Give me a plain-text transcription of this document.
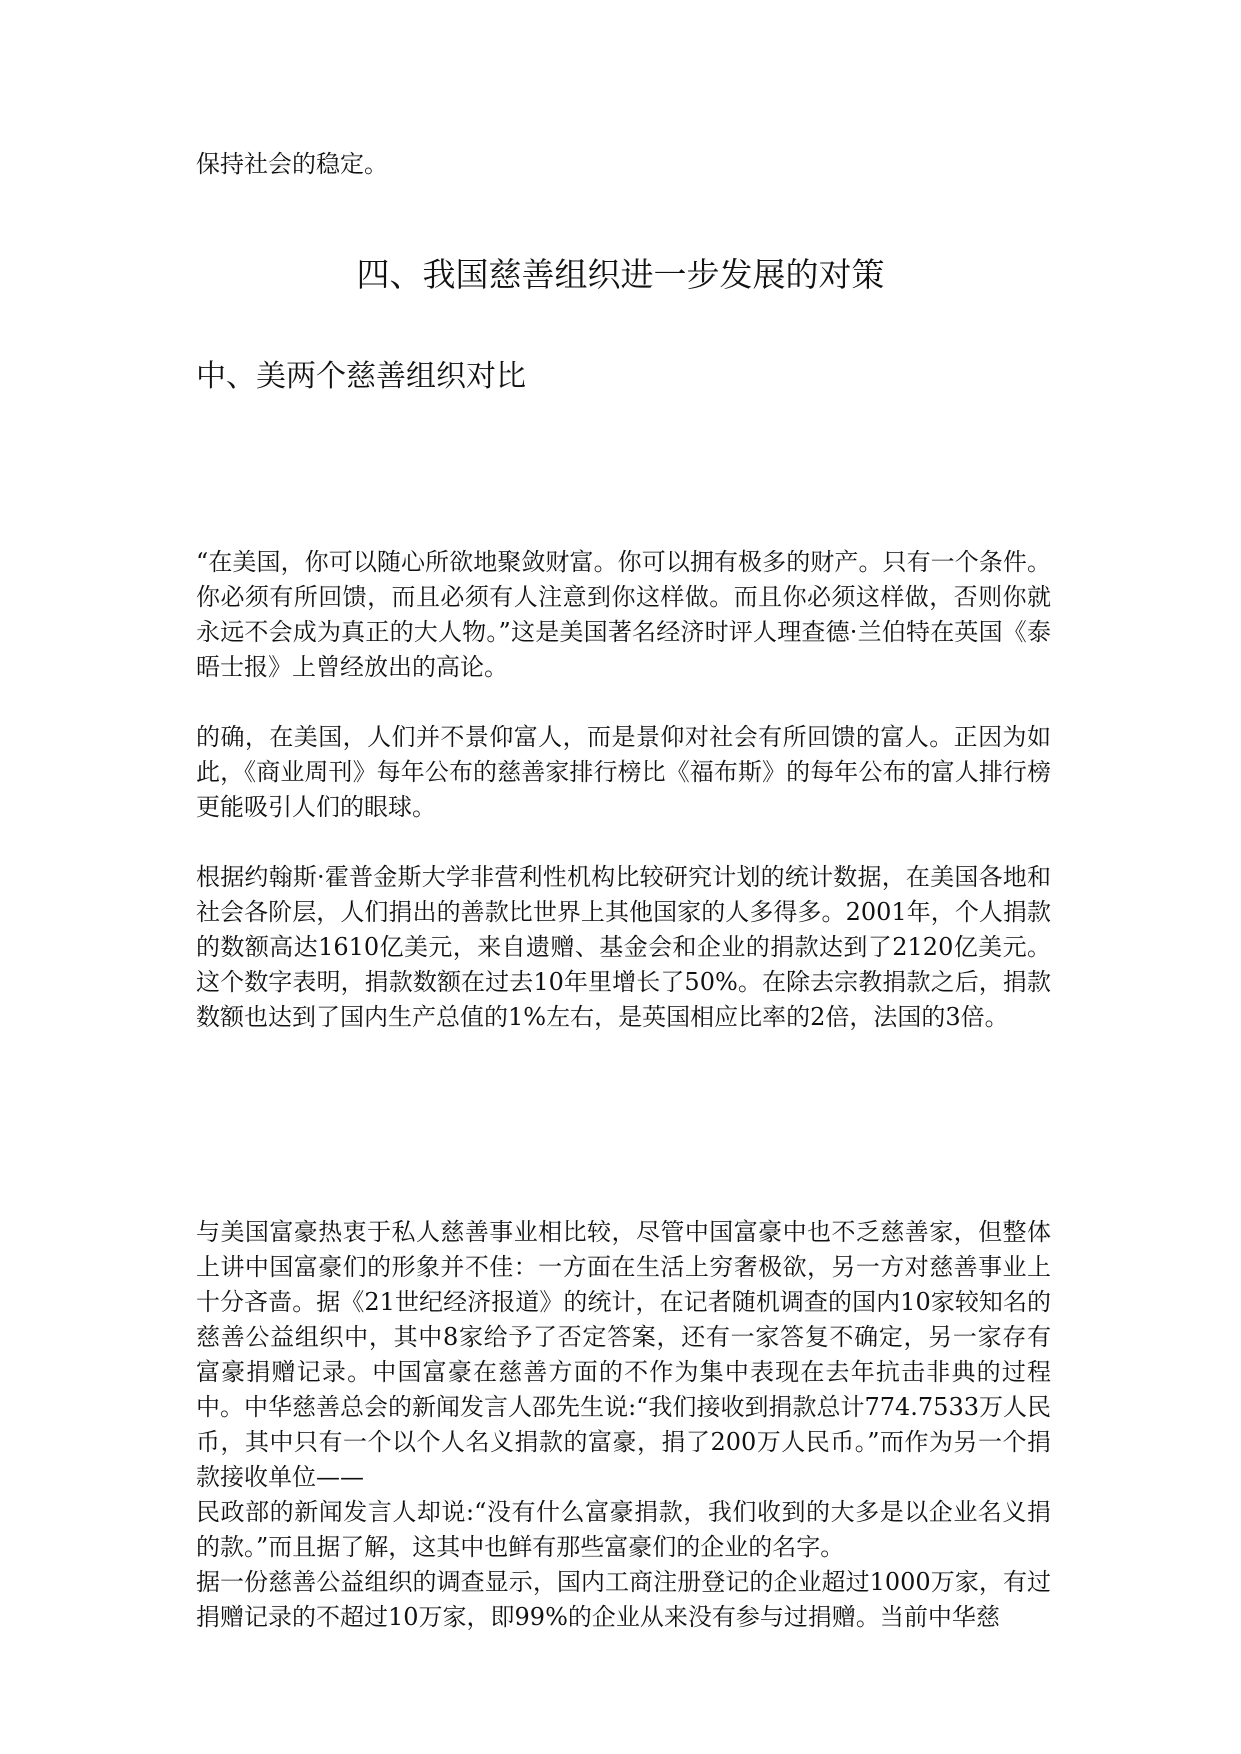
保持社会的稳定。

四、我国慈善组织进一步发展的对策
中、美两个慈善组织对比

“在美国，你可以随心所欲地聚敛财富。你可以拥有极多的财产。只有一个条件。你必须有所回馈，而且必须有人注意到你这样做。而且你必须这样做，否则你就永远不会成为真正的大人物。”这是美国著名经济时评人理查德·兰伯特在英国《泰晤士报》上曾经放出的高论。

的确，在美国，人们并不景仰富人，而是景仰对社会有所回馈的富人。正因为如此，《商业周刊》每年公布的慈善家排行榜比《福布斯》的每年公布的富人排行榜更能吸引人们的眼球。

根据约翰斯·霍普金斯大学非营利性机构比较研究计划的统计数据，在美国各地和社会各阶层，人们捐出的善款比世界上其他国家的人多得多。2001年，个人捐款的数额高达1610亿美元，来自遗赠、基金会和企业的捐款达到了2120亿美元。这个数字表明，捐款数额在过去10年里增长了50%。在除去宗教捐款之后，捐款数额也达到了国内生产总值的1%左右，是英国相应比率的2倍，法国的3倍。

与美国富豪热衷于私人慈善事业相比较，尽管中国富豪中也不乏慈善家，但整体上讲中国富豪们的形象并不佳：一方面在生活上穷奢极欲，另一方对慈善事业上十分吝啬。据《21世纪经济报道》的统计，在记者随机调查的国内10家较知名的慈善公益组织中，其中8家给予了否定答案，还有一家答复不确定，另一家存有富豪捐赠记录。中国富豪在慈善方面的不作为集中表现在去年抗击非典的过程中。中华慈善总会的新闻发言人邵先生说:“我们接收到捐款总计774.7533万人民币，其中只有一个以个人名义捐款的富豪，捐了200万人民币。”而作为另一个捐款接收单位——

民政部的新闻发言人却说:“没有什么富豪捐款，我们收到的大多是以企业名义捐的款。”而且据了解，这其中也鲜有那些富豪们的企业的名字。

据一份慈善公益组织的调查显示，国内工商注册登记的企业超过1000万家，有过捐赠记录的不超过10万家，即99%的企业从来没有参与过捐赠。当前中华慈
